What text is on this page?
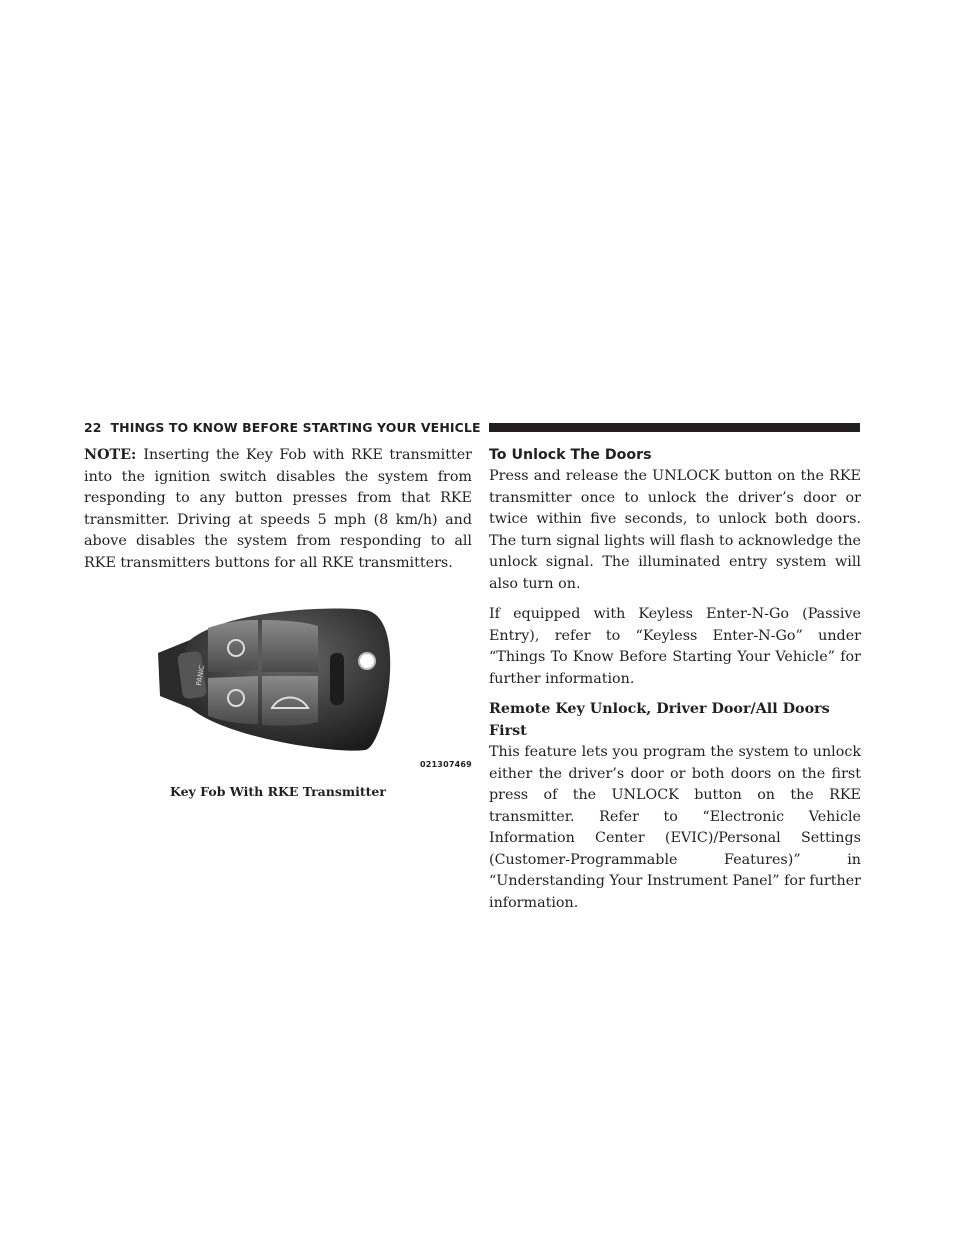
22 THINGS TO KNOW BEFORE STARTING YOUR VEHICLE

NOTE: Inserting the Key Fob with RKE transmitter into the ignition switch disables the system from responding to any button presses from that RKE transmitter. Driving at speeds 5 mph (8 km/h) and above disables the system from responding to all RKE transmitters buttons for all RKE transmitters.

PANIC
021307469
Key Fob With RKE Transmitter
To Unlock The Doors

Press and release the UNLOCK button on the RKE transmitter once to unlock the driver’s door or twice within five seconds, to unlock both doors. The turn signal lights will flash to acknowledge the unlock signal. The illuminated entry system will also turn on.

If equipped with Keyless Enter-N-Go (Passive Entry), refer to “Keyless Enter-N-Go” under “Things To Know Before Starting Your Vehicle” for further information.

Remote Key Unlock, Driver Door/All Doors First

This feature lets you program the system to unlock either the driver’s door or both doors on the first press of the UNLOCK button on the RKE transmitter. Refer to “Electronic Vehicle Information Center (EVIC)/Personal Settings (Customer-Programmable Features)” in “Understanding Your Instrument Panel” for further information.
